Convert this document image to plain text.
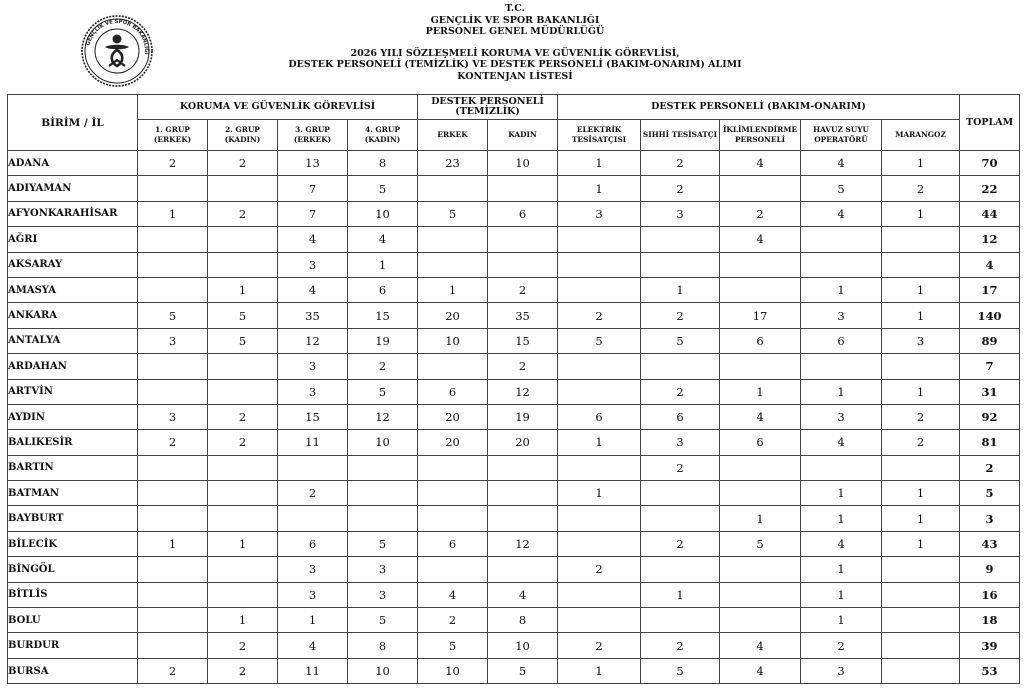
GENÇLİK VE SPOR BAKANLIĞI
T.C.
GENÇLİK VE SPOR BAKANLIĞI
PERSONEL GENEL MÜDÜRLÜĞÜ
2026 YILI SÖZLEŞMELİ KORUMA VE GÜVENLİK GÖREVLİSİ,
DESTEK PERSONELİ (TEMİZLİK) VE DESTEK PERSONELİ (BAKIM-ONARIM) ALIMI
KONTENJAN LİSTESİ
BİRİM / İL	KORUMA VE GÜVENLİK GÖREVLİSİ				DESTEK PERSONELİ (TEMİZLİK)		DESTEK PERSONELİ (BAKIM-ONARIM)					TOPLAM
	1. GRUP (ERKEK)	2. GRUP (KADIN)	3. GRUP (ERKEK)	4. GRUP (KADIN)	ERKEK	KADIN	ELEKTRİK TESİSATÇISI	SIHHİ TESİSATÇI	İKLİMLENDİRME PERSONELİ	HAVUZ SUYU OPERATÖRÜ	MARANGOZ	
ADANA	2	2	13	8	23	10	1	2	4	4	1	70
ADIYAMAN			7	5			1	2		5	2	22
AFYONKARAHİSAR	1	2	7	10	5	6	3	3	2	4	1	44
AĞRI			4	4					4			12
AKSARAY			3	1								4
AMASYA		1	4	6	1	2		1		1	1	17
ANKARA	5	5	35	15	20	35	2	2	17	3	1	140
ANTALYA	3	5	12	19	10	15	5	5	6	6	3	89
ARDAHAN			3	2		2						7
ARTVİN			3	5	6	12		2	1	1	1	31
AYDIN	3	2	15	12	20	19	6	6	4	3	2	92
BALIKESİR	2	2	11	10	20	20	1	3	6	4	2	81
BARTIN								2				2
BATMAN			2				1			1	1	5
BAYBURT									1	1	1	3
BİLECİK	1	1	6	5	6	12		2	5	4	1	43
BİNGÖL			3	3			2			1		9
BİTLİS			3	3	4	4		1		1		16
BOLU		1	1	5	2	8				1		18
BURDUR		2	4	8	5	10	2	2	4	2		39
BURSA	2	2	11	10	10	5	1	5	4	3		53
